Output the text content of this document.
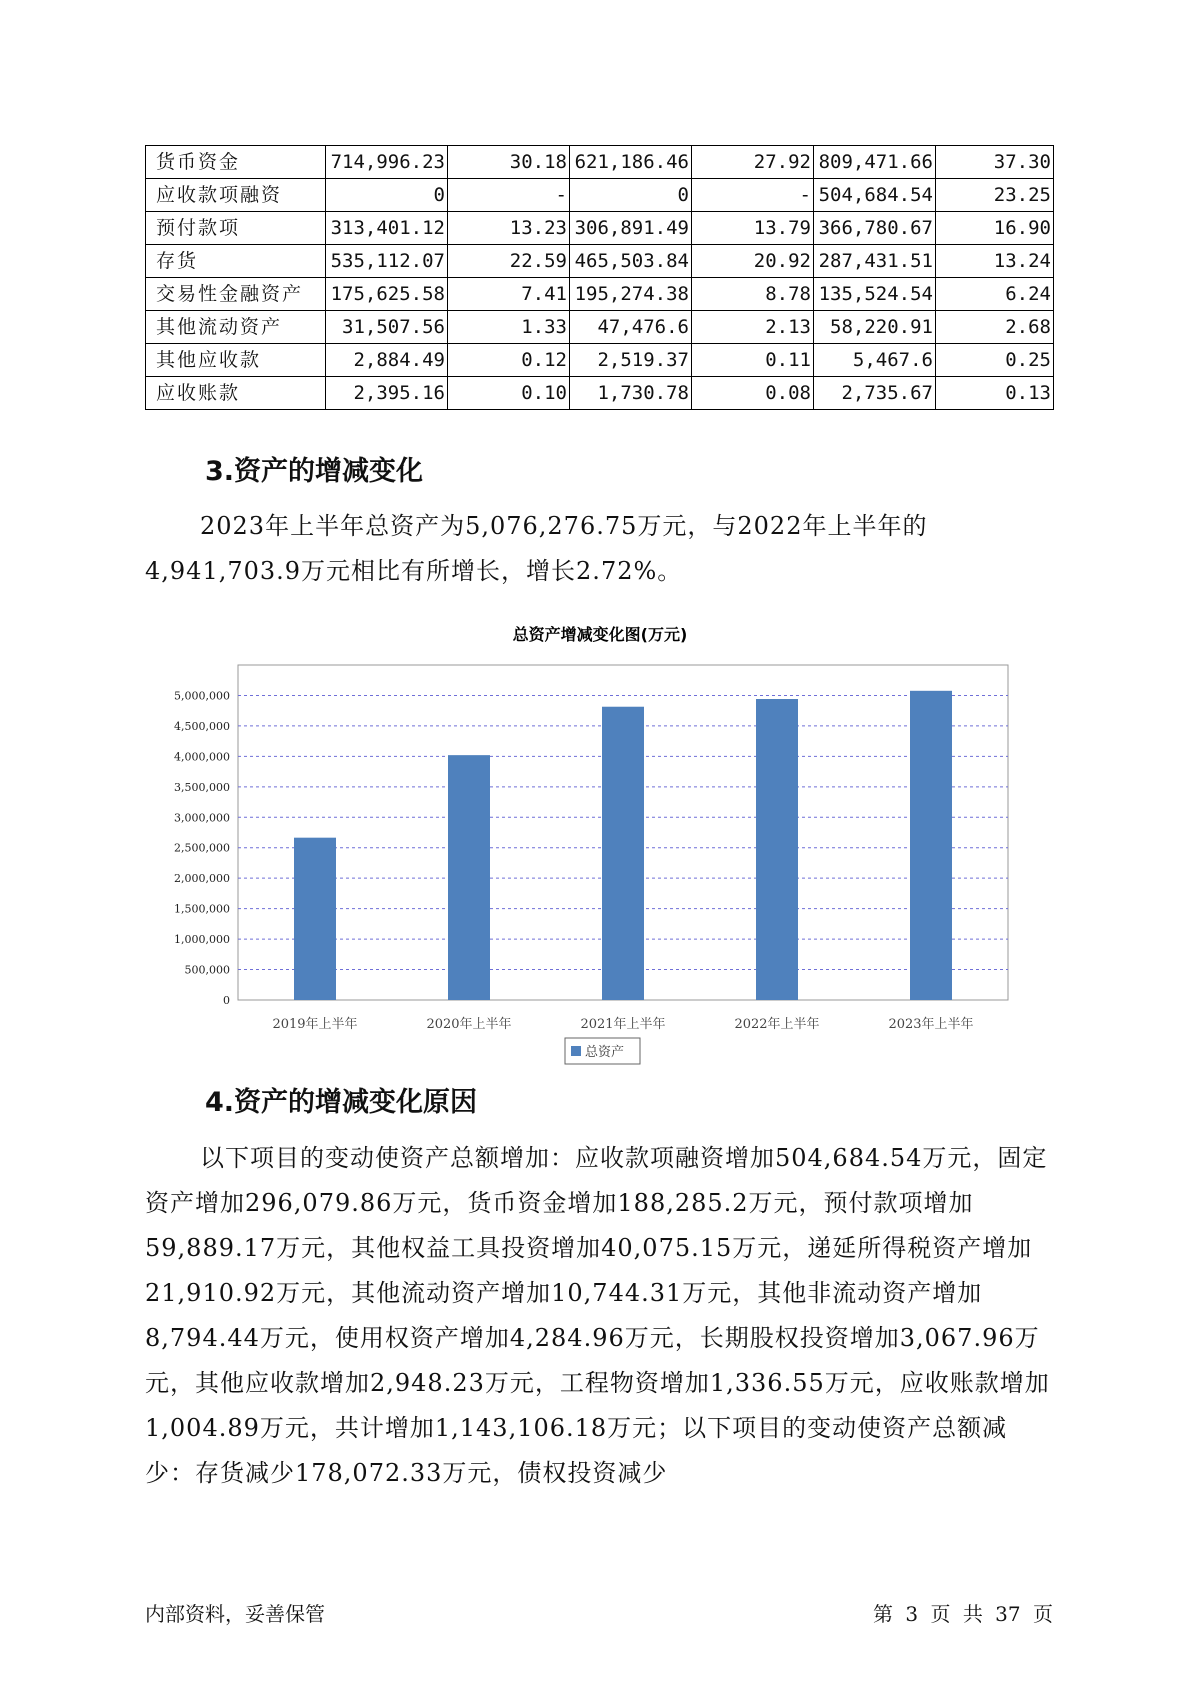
货币资金	714,996.23	30.18	621,186.46	27.92	809,471.66	37.30
应收款项融资	0	-	0	-	504,684.54	23.25
预付款项	313,401.12	13.23	306,891.49	13.79	366,780.67	16.90
存货	535,112.07	22.59	465,503.84	20.92	287,431.51	13.24
交易性金融资产	175,625.58	7.41	195,274.38	8.78	135,524.54	6.24
其他流动资产	31,507.56	1.33	47,476.6	2.13	58,220.91	2.68
其他应收款	2,884.49	0.12	2,519.37	0.11	5,467.6	0.25
应收账款	2,395.16	0.10	1,730.78	0.08	2,735.67	0.13
3.资产的增减变化

2023年上半年总资产为5,076,276.75万元，与2022年上半年的4,941,703.9万元相比有所增长，增长2.72%。

总资产增减变化图(万元)
0
500,000
1,000,000
1,500,000
2,000,000
2,500,000
3,000,000
3,500,000
4,000,000
4,500,000
5,000,000
2019年上半年	2020年上半年	2021年上半年	2022年上半年	2023年上半年
总资产
4.资产的增减变化原因

以下项目的变动使资产总额增加：应收款项融资增加504,684.54万元，固定资产增加296,079.86万元，货币资金增加188,285.2万元，预付款项增加59,889.17万元，其他权益工具投资增加40,075.15万元，递延所得税资产增加21,910.92万元，其他流动资产增加10,744.31万元，其他非流动资产增加8,794.44万元，使用权资产增加4,284.96万元，长期股权投资增加3,067.96万元，其他应收款增加2,948.23万元，工程物资增加1,336.55万元，应收账款增加1,004.89万元，共计增加1,143,106.18万元；以下项目的变动使资产总额减少：存货减少178,072.33万元，债权投资减少

内部资料，妥善保管	第 3 页 共 37 页
